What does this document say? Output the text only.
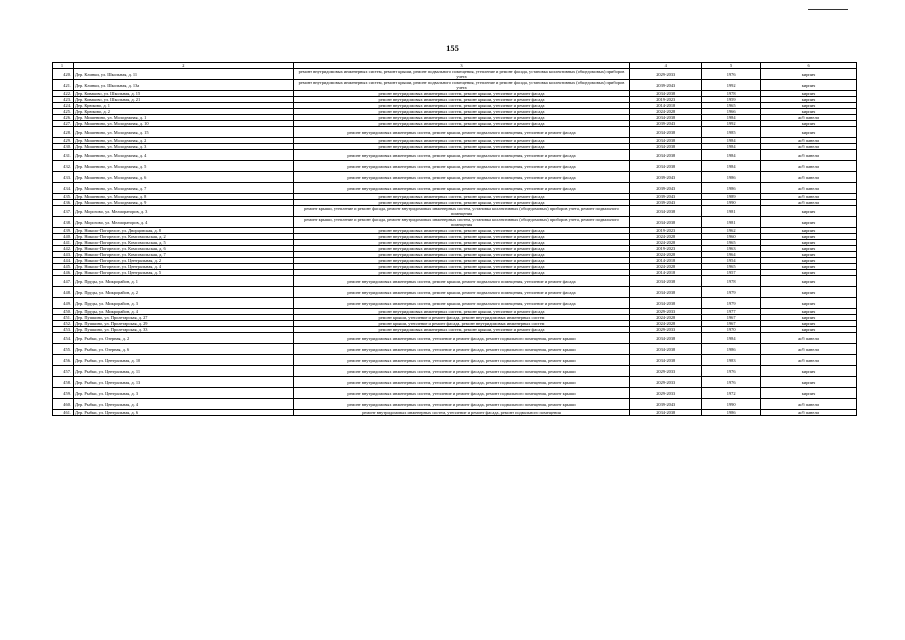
155
1	2	3	4	5	6
420. Дер. Клинки, ул. Школьная, д. 11	ремонт внутридомовых инженерных систем, ремонт крыши, ремонт подвального помещения, утепление и ремонт фасада, установка коллективных (общедомовых) приборов учета	2029-2033	1976	кирпич
421. Дер. Клинки, ул. Школьная, д. 13а	ремонт внутридомовых инженерных систем, ремонт крыши, ремонт подвального помещения, утепление и ремонт фасада, установка коллективных (общедомовых) приборов учета	2039-2043	1992	кирпич
422. Дер. Коваково, ул. Школьная, д. 15	ремонт внутридомовых инженерных систем, ремонт крыши, утепление и ремонт фасада	2034-2038	1978	кирпич
423. Дер. Коваково, ул. Школьная, д. 21	ремонт внутридомовых инженерных систем, ремонт крыши, утепление и ремонт фасада	2019-2023	1959	кирпич
424. Дер. Крюково, д. 1	ремонт внутридомовых инженерных систем, ремонт крыши, утепление и ремонт фасада	2014-2018	1965	кирпич
425. Дер. Крюково, д. 2	ремонт внутридомовых инженерных систем, ремонт крыши, утепление и ремонт фасада	2024-2028	1966	кирпич
426. Дер. Мишенино, ул. Молодежная, д. 1	ремонт внутридомовых инженерных систем, ремонт крыши, утепление и ремонт фасада	2034-2038	1984	ж/б панели
427. Дер. Мишенино, ул. Молодежная, д. 10	ремонт внутридомовых инженерных систем, ремонт крыши, утепление и ремонт фасада	2039-2043	1992	кирпич
428. Дер. Мишенино, ул. Молодежная, д. 15	ремонт внутридомовых инженерных систем, ремонт крыши, ремонт подвального помещения, утепление и ремонт фасада	2034-2038	1985	кирпич
429. Дер. Мишенино, ул. Молодежная, д. 2	ремонт внутридомовых инженерных систем, ремонт крыши, утепление и ремонт фасада	2034-2038	1984	ж/б панели
430. Дер. Мишенино, ул. Молодежная, д. 3	ремонт внутридомовых инженерных систем, ремонт крыши, утепление и ремонт фасада	2034-2038	1984	ж/б панели
431. Дер. Мишенино, ул. Молодежная, д. 4	ремонт внутридомовых инженерных систем, ремонт крыши, ремонт подвального помещения, утепление и ремонт фасада	2034-2038	1984	ж/б панели
432. Дер. Мишенино, ул. Молодежная, д. 5	ремонт внутридомовых инженерных систем, ремонт крыши, ремонт подвального помещения, утепление и ремонт фасада	2034-2038	1984	ж/б панели
433. Дер. Мишенино, ул. Молодежная, д. 6	ремонт внутридомовых инженерных систем, ремонт крыши, ремонт подвального помещения, утепление и ремонт фасада	2039-2043	1986	ж/б панели
434. Дер. Мишенино, ул. Молодежная, д. 7	ремонт внутридомовых инженерных систем, ремонт крыши, ремонт подвального помещения, утепление и ремонт фасада	2039-2043	1986	ж/б панели
435. Дер. Мишенино, ул. Молодежная, д. 8	ремонт внутридомовых инженерных систем, ремонт крыши, утепление и ремонт фасада	2039-2043	1989	ж/б панели
436. Дер. Мишенино, ул. Молодежная, д. 9	ремонт внутридомовых инженерных систем, ремонт крыши, утепление и ремонт фасада	2039-2043	1990	ж/б панели
437. Дер. Морозово, ул. Мелиораторов, д. 3	ремонт крыши, утепление и ремонт фасада, ремонт внутридомовых инженерных систем, установка коллективных (общедомовых) приборов учета, ремонт подвального помещения	2034-2038	1981	кирпич
438. Дер. Морозово, ул. Мелиораторов, д. 4	ремонт крыши, утепление и ремонт фасада, ремонт внутридомовых инженерных систем, установка коллективных (общедомовых) приборов учета, ремонт подвального помещения	2034-2038	1981	кирпич
439. Дер. Николо-Погорелое, ул. Дворцовская, д. 8	ремонт внутридомовых инженерных систем, ремонт крыши, утепление и ремонт фасада	2019-2023	1962	кирпич
440. Дер. Николо-Погорелое, ул. Комсомольская, д. 2	ремонт внутридомовых инженерных систем, ремонт крыши, утепление и ремонт фасада	2024-2028	1960	кирпич
441. Дер. Николо-Погорелое, ул. Комсомольская, д. 5	ремонт внутридомовых инженерных систем, ремонт крыши, утепление и ремонт фасада	2024-2028	1965	кирпич
442. Дер. Николо-Погорелое, ул. Комсомольская, д. 6	ремонт внутридомовых инженерных систем, ремонт крыши, утепление и ремонт фасада	2019-2023	1963	кирпич
443. Дер. Николо-Погорелое, ул. Комсомольская, д. 7	ремонт внутридомовых инженерных систем, ремонт крыши, утепление и ремонт фасада	2024-2028	1964	кирпич
444. Дер. Николо-Погорелое, ул. Центральная, д. 2	ремонт внутридомовых инженерных систем, ремонт крыши, утепление и ремонт фасада	2014-2018	1954	кирпич
445. Дер. Николо-Погорелое, ул. Центральная, д. 4	ремонт внутридомовых инженерных систем, ремонт крыши, утепление и ремонт фасада	2024-2028	1965	кирпич
446. Дер. Николо-Погорелое, ул. Центральная, д. 5	ремонт внутридомовых инженерных систем, ремонт крыши, утепление и ремонт фасада	2014-2018	1957	кирпич
447. Дер. Пруды, ул. Микрорайон, д. 1	ремонт внутридомовых инженерных систем, ремонт крыши, ремонт подвального помещения, утепление и ремонт фасада	2034-2038	1978	кирпич
448. Дер. Пруды, ул. Микрорайон, д. 2	ремонт внутридомовых инженерных систем, ремонт крыши, ремонт подвального помещения, утепление и ремонт фасада	2034-2038	1979	кирпич
449. Дер. Пруды, ул. Микрорайон, д. 3	ремонт внутридомовых инженерных систем, ремонт крыши, ремонт подвального помещения, утепление и ремонт фасада	2034-2038	1979	кирпич
450. Дер. Пруды, ул. Микрорайон, д. 4	ремонт внутридомовых инженерных систем, ремонт крыши, утепление и ремонт фасада	2029-2033	1977	кирпич
451. Дер. Пушкино, ул. Пролетарская, д. 27	ремонт крыши, утепление и ремонт фасада, ремонт внутридомовых инженерных систем	2024-2028	1967	кирпич
452. Дер. Пушкино, ул. Пролетарская, д. 29	ремонт крыши, утепление и ремонт фасада, ремонт внутридомовых инженерных систем	2024-2028	1967	кирпич
453. Дер. Пушкино, ул. Пролетарская, д. 33	ремонт внутридомовых инженерных систем, ремонт крыши, утепление и ремонт фасада	2029-2033	1970	кирпич
454. Дер. Рыбки, ул. Озерная, д. 2	ремонт внутридомовых инженерных систем, утепление и ремонт фасада, ремонт подвального помещения, ремонт крыши	2034-2038	1984	ж/б панели
455. Дер. Рыбки, ул. Озерная, д. 6	ремонт внутридомовых инженерных систем, утепление и ремонт фасада, ремонт подвального помещения, ремонт крыши	2034-2038	1986	ж/б панели
456. Дер. Рыбки, ул. Центральная, д. 10	ремонт внутридомовых инженерных систем, утепление и ремонт фасада, ремонт подвального помещения, ремонт крыши	2034-2038	1983	ж/б панели
457. Дер. Рыбки, ул. Центральная, д. 11	ремонт внутридомовых инженерных систем, утепление и ремонт фасада, ремонт подвального помещения, ремонт крыши	2029-2033	1976	кирпич
458. Дер. Рыбки, ул. Центральная, д. 13	ремонт внутридомовых инженерных систем, утепление и ремонт фасада, ремонт подвального помещения, ремонт крыши	2029-2033	1976	кирпич
459. Дер. Рыбки, ул. Центральная, д. 3	ремонт внутридомовых инженерных систем, утепление и ремонт фасада, ремонт подвального помещения, ремонт крыши	2029-2033	1972	кирпич
460. Дер. Рыбки, ул. Центральная, д. 4	ремонт внутридомовых инженерных систем, утепление и ремонт фасада, ремонт подвального помещения, ремонт крыши	2039-2043	1990	ж/б панели
461. Дер. Рыбки, ул. Центральная, д. 6	ремонт внутридомовых инженерных систем, утепление и ремонт фасада, ремонт подвального помещения	2034-2038	1986	ж/б панели
